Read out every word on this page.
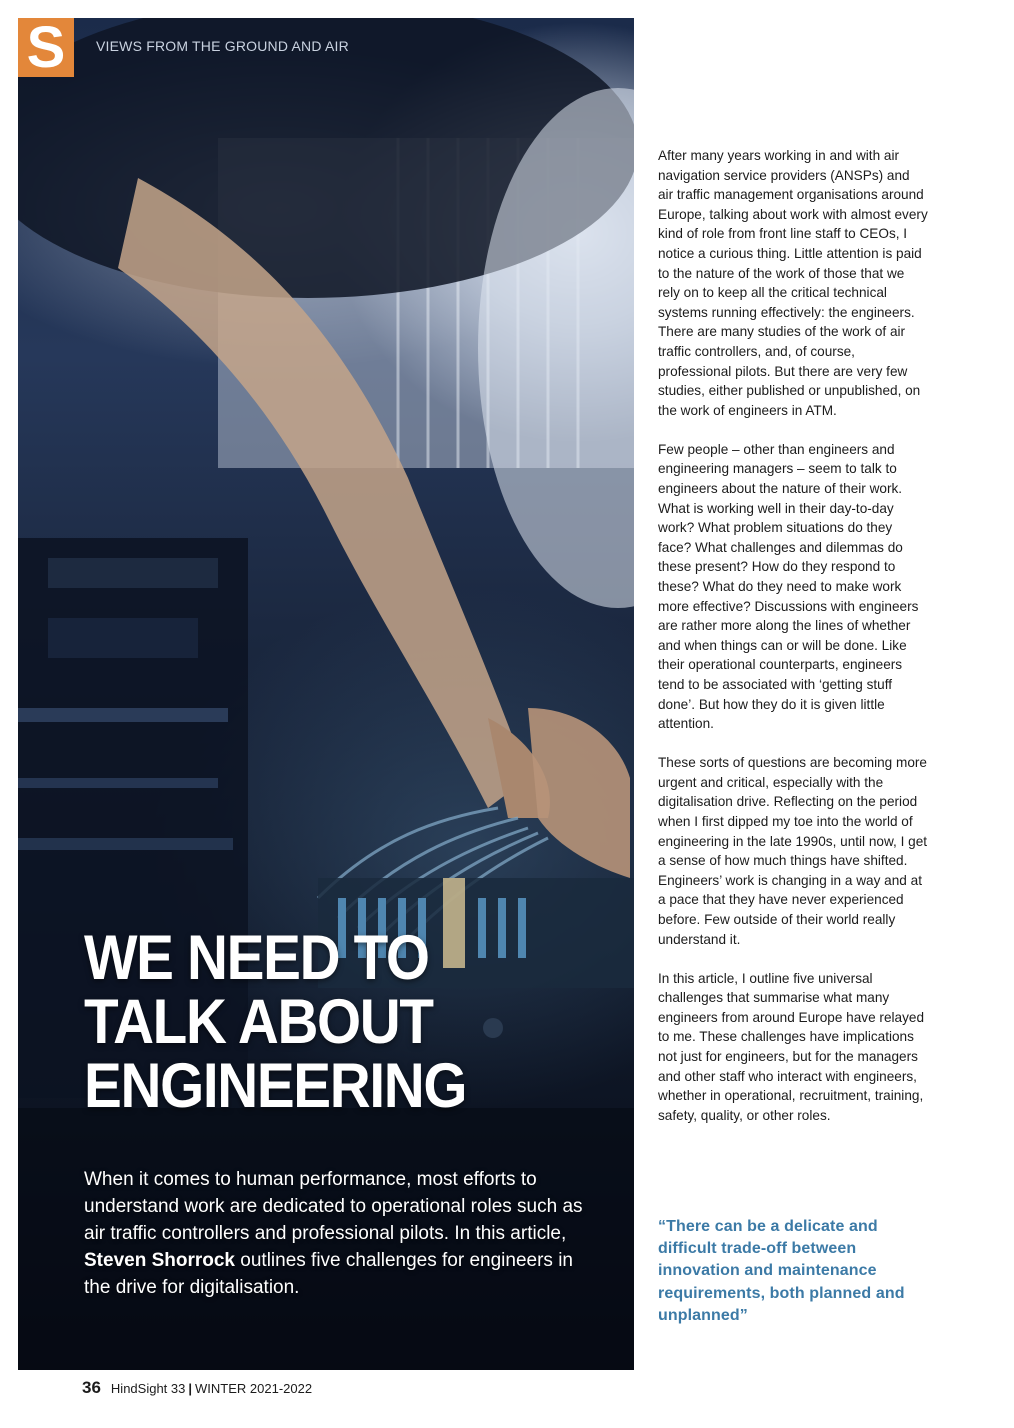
S	VIEWS FROM THE GROUND AND AIR
WE NEED TO
TALK ABOUT
ENGINEERING

When it comes to human performance, most efforts to understand work are dedicated to operational roles such as air traffic controllers and professional pilots. In this article, Steven Shorrock outlines five challenges for engineers in the drive for digitalisation.

After many years working in and with air navigation service providers (ANSPs) and air traffic management organisations around Europe, talking about work with almost every kind of role from front line staff to CEOs, I notice a curious thing. Little attention is paid to the nature of the work of those that we rely on to keep all the critical technical systems running effectively: the engineers. There are many studies of the work of air traffic controllers, and, of course, professional pilots. But there are very few studies, either published or unpublished, on the work of engineers in ATM.

Few people – other than engineers and engineering managers – seem to talk to engineers about the nature of their work. What is working well in their day-to-day work? What problem situations do they face? What challenges and dilemmas do these present? How do they respond to these? What do they need to make work more effective? Discussions with engineers are rather more along the lines of whether and when things can or will be done. Like their operational counterparts, engineers tend to be associated with ‘getting stuff done’. But how they do it is given little attention.

These sorts of questions are becoming more urgent and critical, especially with the digitalisation drive. Reflecting on the period when I first dipped my toe into the world of engineering in the late 1990s, until now, I get a sense of how much things have shifted. Engineers’ work is changing in a way and at a pace that they have never experienced before. Few outside of their world really understand it.

In this article, I outline five universal challenges that summarise what many engineers from around Europe have relayed to me. These challenges have implications not just for engineers, but for the managers and other staff who interact with engineers, whether in operational, recruitment, training, safety, quality, or other roles.

“There can be a delicate and difficult trade-off between innovation and maintenance requirements, both planned and unplanned”
36 HindSight 33 | WINTER 2021-2022
